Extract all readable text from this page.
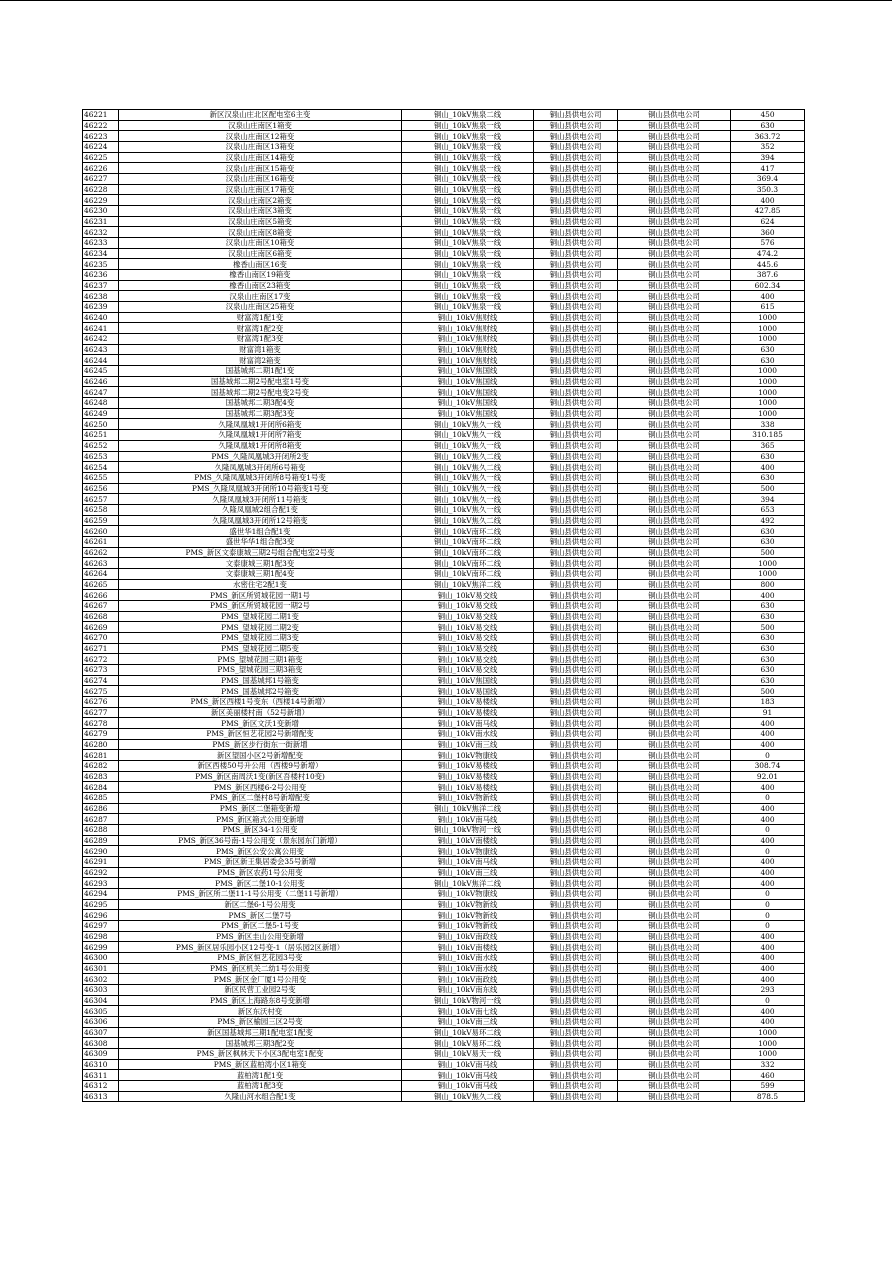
46221	新区汉泉山庄北区配电室6主变	铜山_10kV焦泉二线	铜山县供电公司	铜山县供电公司	450
46222	汉泉山庄南区1箱变	铜山_10kV焦泉一线	铜山县供电公司	铜山县供电公司	630
46223	汉泉山庄南区12箱变	铜山_10kV焦泉一线	铜山县供电公司	铜山县供电公司	363.72
46224	汉泉山庄南区13箱变	铜山_10kV焦泉一线	铜山县供电公司	铜山县供电公司	352
46225	汉泉山庄南区14箱变	铜山_10kV焦泉一线	铜山县供电公司	铜山县供电公司	394
46226	汉泉山庄南区15箱变	铜山_10kV焦泉一线	铜山县供电公司	铜山县供电公司	417
46227	汉泉山庄南区16箱变	铜山_10kV焦泉一线	铜山县供电公司	铜山县供电公司	369.4
46228	汉泉山庄南区17箱变	铜山_10kV焦泉一线	铜山县供电公司	铜山县供电公司	350.3
46229	汉泉山庄南区2箱变	铜山_10kV焦泉一线	铜山县供电公司	铜山县供电公司	400
46230	汉泉山庄南区3箱变	铜山_10kV焦泉一线	铜山县供电公司	铜山县供电公司	427.85
46231	汉泉山庄南区5箱变	铜山_10kV焦泉一线	铜山县供电公司	铜山县供电公司	624
46232	汉泉山庄南区8箱变	铜山_10kV焦泉一线	铜山县供电公司	铜山县供电公司	360
46233	汉泉山庄南区10箱变	铜山_10kV焦泉一线	铜山县供电公司	铜山县供电公司	576
46234	汉泉山庄南区6箱变	铜山_10kV焦泉一线	铜山县供电公司	铜山县供电公司	474.2
46235	橡香山南区16变	铜山_10kV焦泉一线	铜山县供电公司	铜山县供电公司	445.6
46236	橡香山南区19箱变	铜山_10kV焦泉一线	铜山县供电公司	铜山县供电公司	387.6
46237	橡香山南区23箱变	铜山_10kV焦泉一线	铜山县供电公司	铜山县供电公司	602.34
46238	汉泉山庄南区17变	铜山_10kV焦泉一线	铜山县供电公司	铜山县供电公司	400
46239	汉泉山庄南区25箱变	铜山_10kV焦泉一线	铜山县供电公司	铜山县供电公司	615
46240	财富湾1配1变	铜山_10kV焦财线	铜山县供电公司	铜山县供电公司	1000
46241	财富湾1配2变	铜山_10kV焦财线	铜山县供电公司	铜山县供电公司	1000
46242	财富湾1配3变	铜山_10kV焦财线	铜山县供电公司	铜山县供电公司	1000
46243	财富湾1箱变	铜山_10kV焦财线	铜山县供电公司	铜山县供电公司	630
46244	财富湾2箱变	铜山_10kV焦财线	铜山县供电公司	铜山县供电公司	630
46245	国基城邦二期1配1变	铜山_10kV焦国线	铜山县供电公司	铜山县供电公司	1000
46246	国基城邦二期2号配电室1号变	铜山_10kV焦国线	铜山县供电公司	铜山县供电公司	1000
46247	国基城邦二期2号配电变2号变	铜山_10kV焦国线	铜山县供电公司	铜山县供电公司	1000
46248	国基城邦二期3配4变	铜山_10kV焦国线	铜山县供电公司	铜山县供电公司	1000
46249	国基城邦二期3配3变	铜山_10kV焦国线	铜山县供电公司	铜山县供电公司	1000
46250	久隆凤凰城1开闭所6箱变	铜山_10kV焦久一线	铜山县供电公司	铜山县供电公司	338
46251	久隆凤凰城1开闭所7箱变	铜山_10kV焦久一线	铜山县供电公司	铜山县供电公司	310.185
46252	久隆凤凰城1开闭所8箱变	铜山_10kV焦久一线	铜山县供电公司	铜山县供电公司	365
46253	PMS_久隆凤凰城3开闭所2变	铜山_10kV焦久二线	铜山县供电公司	铜山县供电公司	630
46254	久隆凤凰城3开闭所6号箱变	铜山_10kV焦久二线	铜山县供电公司	铜山县供电公司	400
46255	PMS_久隆凤凰城3开闭所8号箱变1号变	铜山_10kV焦久一线	铜山县供电公司	铜山县供电公司	630
46256	PMS_久隆凤凰城3开闭所10号箱变1号变	铜山_10kV焦久一线	铜山县供电公司	铜山县供电公司	500
46257	久隆凤凰城3开闭所11号箱变	铜山_10kV焦久一线	铜山县供电公司	铜山县供电公司	394
46258	久隆凤凰城2组合配1变	铜山_10kV焦久一线	铜山县供电公司	铜山县供电公司	653
46259	久隆凤凰城3开闭所12号箱变	铜山_10kV焦久二线	铜山县供电公司	铜山县供电公司	492
46260	盛世华1组合配1变	铜山_10kV南环二线	铜山县供电公司	铜山县供电公司	630
46261	盛世华华1组合配3变	铜山_10kV南环二线	铜山县供电公司	铜山县供电公司	630
46262	PMS_新区文泰康城三期2号组合配电室2号变	铜山_10kV南环二线	铜山县供电公司	铜山县供电公司	500
46263	文泰康城三期1配3变	铜山_10kV南环二线	铜山县供电公司	铜山县供电公司	1000
46264	文泰康城三期1配4变	铜山_10kV南环二线	铜山县供电公司	铜山县供电公司	1000
46265	水密住宅2配1变	铜山_10kV焦洋二线	铜山县供电公司	铜山县供电公司	800
46266	PMS_新区所贸城花园一期1号	铜山_10kV易交线	铜山县供电公司	铜山县供电公司	400
46267	PMS_新区所贸城花园一期2号	铜山_10kV易交线	铜山县供电公司	铜山县供电公司	630
46268	PMS_望城花园二期1变	铜山_10kV易交线	铜山县供电公司	铜山县供电公司	630
46269	PMS_望城花园二期2变	铜山_10kV易交线	铜山县供电公司	铜山县供电公司	500
46270	PMS_望城花园二期3变	铜山_10kV易交线	铜山县供电公司	铜山县供电公司	630
46271	PMS_望城花园二期5变	铜山_10kV易交线	铜山县供电公司	铜山县供电公司	630
46272	PMS_望城花园三期1箱变	铜山_10kV易交线	铜山县供电公司	铜山县供电公司	630
46273	PMS_望城花园三期3箱变	铜山_10kV易交线	铜山县供电公司	铜山县供电公司	630
46274	PMS_国基城邦1号箱变	铜山_10kV焦国线	铜山县供电公司	铜山县供电公司	630
46275	PMS_国基城邦2号箱变	铜山_10kV易国线	铜山县供电公司	铜山县供电公司	500
46276	PMS_新区西楼1号变东（西楼14号新增）	铜山_10kV易楼线	铜山县供电公司	铜山县供电公司	183
46277	新区美丽楼村南（52号新增）	铜山_10kV易楼线	铜山县供电公司	铜山县供电公司	91
46278	PMS_新区文沃1变新增	铜山_10kV南马线	铜山县供电公司	铜山县供电公司	400
46279	PMS_新区恒艺花园2号新增配变	铜山_10kV南水线	铜山县供电公司	铜山县供电公司	400
46280	PMS_新区步行街东一街新增	铜山_10kV南三线	铜山县供电公司	铜山县供电公司	400
46281	新区望国小区2号新增配变	铜山_10kV物康线	铜山县供电公司	铜山县供电公司	0
46282	新区西楼50号升公用（西楼9号新增）	铜山_10kV易楼线	铜山县供电公司	铜山县供电公司	308.74
46283	PMS_新区南周沃1变(新区吾楼村10变)	铜山_10kV易楼线	铜山县供电公司	铜山县供电公司	92.01
46284	PMS_新区西楼6-2号公用变	铜山_10kV易楼线	铜山县供电公司	铜山县供电公司	400
46285	PMS_新区二堡村8号新增配变	铜山_10kV物新线	铜山县供电公司	铜山县供电公司	0
46286	PMS_新区二堡箱变新增	铜山_10kV焦洋二线	铜山县供电公司	铜山县供电公司	400
46287	PMS_新区箱式公用变新增	铜山_10kV南马线	铜山县供电公司	铜山县供电公司	400
46288	PMS_新区34-1公用变	铜山_10kV物河一线	铜山县供电公司	铜山县供电公司	0
46289	PMS_新区36号南-1号公用变（景东园东门新增）	铜山_10kV南楼线	铜山县供电公司	铜山县供电公司	400
46290	PMS_新区公安公寓公用变	铜山_10kV物康线	铜山县供电公司	铜山县供电公司	0
46291	PMS_新区新王集居委会35号新增	铜山_10kV南马线	铜山县供电公司	铜山县供电公司	400
46292	PMS_新区农药1号公用变	铜山_10kV南三线	铜山县供电公司	铜山县供电公司	400
46293	PMS_新区二堡10-1公用变	铜山_10kV焦洋二线	铜山县供电公司	铜山县供电公司	400
46294	PMS_新区所二堡11-1号公用变（二堡11号新增）	铜山_10kV物康线	铜山县供电公司	铜山县供电公司	0
46295	新区二堡6-1号公用变	铜山_10kV物新线	铜山县供电公司	铜山县供电公司	0
46296	PMS_新区二堡7号	铜山_10kV物新线	铜山县供电公司	铜山县供电公司	0
46297	PMS_新区二堡5-1号变	铜山_10kV物新线	铜山县供电公司	铜山县供电公司	0
46298	PMS_新区圭山公用变新增	铜山_10kV南政线	铜山县供电公司	铜山县供电公司	400
46299	PMS_新区居乐园小区12号变-1（居乐园2区新增）	铜山_10kV南楼线	铜山县供电公司	铜山县供电公司	400
46300	PMS_新区恒艺花园3号变	铜山_10kV南水线	铜山县供电公司	铜山县供电公司	400
46301	PMS_新区机关二幼1号公用变	铜山_10kV南水线	铜山县供电公司	铜山县供电公司	400
46302	PMS_新区金厂厦1号公用变	铜山_10kV南政线	铜山县供电公司	铜山县供电公司	400
46303	新区民营工业园2号变	铜山_10kV南东线	铜山县供电公司	铜山县供电公司	293
46304	PMS_新区上海路东8号变新增	铜山_10kV物河一线	铜山县供电公司	铜山县供电公司	0
46305	新区东沃村变	铜山_10kV南七线	铜山县供电公司	铜山县供电公司	400
46306	PMS_新区榆园三区2号变	铜山_10kV南三线	铜山县供电公司	铜山县供电公司	400
46307	新区国基城邦三期1配电室1配变	铜山_10kV易环二线	铜山县供电公司	铜山县供电公司	1000
46308	国基城邦三期3配2变	铜山_10kV易环二线	铜山县供电公司	铜山县供电公司	1000
46309	PMS_新区枫林天下小区3配电室1配变	铜山_10kV易天一线	铜山县供电公司	铜山县供电公司	1000
46310	PMS_新区蓝柏湾小区1箱变	铜山_10kV南马线	铜山县供电公司	铜山县供电公司	332
46311	蓝柏湾1配1变	铜山_10kV南马线	铜山县供电公司	铜山县供电公司	460
46312	蓝柏湾1配3变	铜山_10kV南马线	铜山县供电公司	铜山县供电公司	599
46313	久隆山河水组合配1变	铜山_10kV焦久二线	铜山县供电公司	铜山县供电公司	878.5
